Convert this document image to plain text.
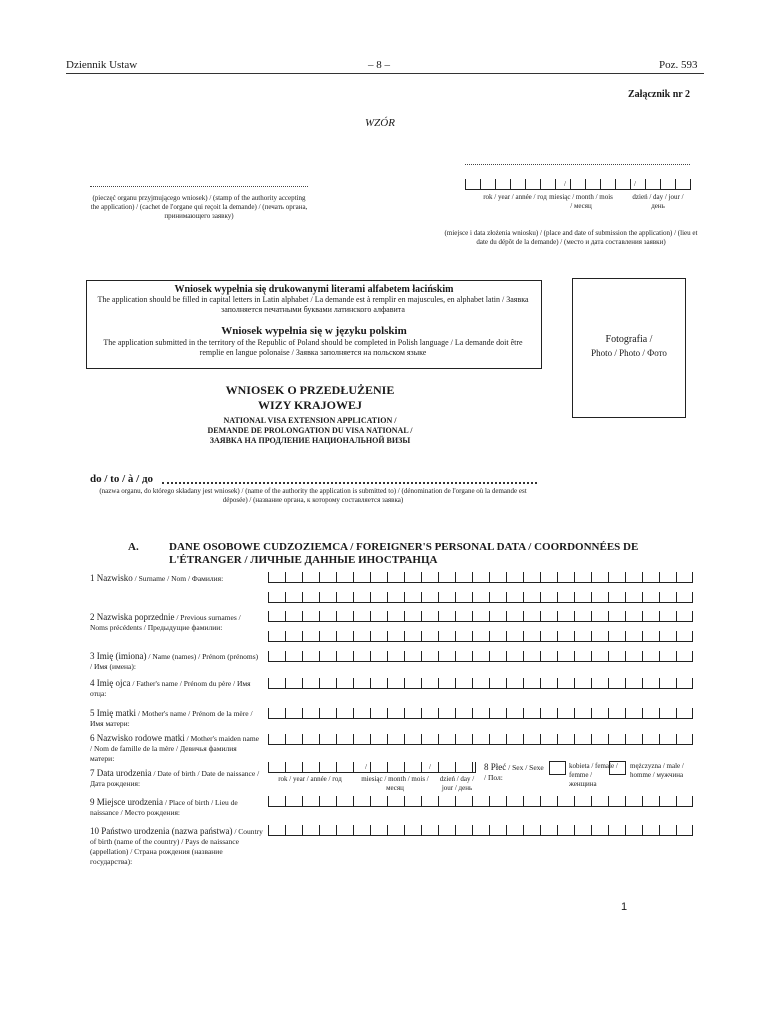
Dziennik Ustaw	– 8 –	Poz. 593
Załącznik nr 2
WZÓR
(pieczęć organu przyjmującego wniosek) / (stamp of the authority accepting the application) / (cachet de l'organe qui reçoit la demande) / (печать органа, принимающего заявку)
/	/
rok / year / année / год miesiąc / month / mois / месяц
dzień / day / jour / день
(miejsce i data złożenia wniosku) / (place and date of submission the application) / (lieu et date du dépôt de la demande) / (место и дата составления заявки)
Wniosek wypełnia się drukowanymi literami alfabetem łacińskim
The application should be filled in capital letters in Latin alphabet / La demande est à remplir en majuscules, en alphabet latin / Заявка заполняется печатными буквами латинского алфавита
Wniosek wypełnia się w języku polskim
The application submitted in the territory of the Republic of Poland should be completed in Polish language / La demande doit être remplie en langue polonaise / Заявка заполняется на польском языке
Fotografia /
Photo / Photo / Фото
WNIOSEK O PRZEDŁUŻENIE
WIZY KRAJOWEJ
NATIONAL VISA EXTENSION APPLICATION /
DEMANDE DE PROLONGATION DU VISA NATIONAL /
ЗАЯВКА НА ПРОДЛЕНИЕ НАЦИОНАЛЬНОЙ ВИЗЫ
do / to / à / до
(nazwa organu, do którego składany jest wniosek) / (name of the authority the application is submitted to) / (dénomination de l'organe où la demande est déposée) / (название органа, к которому составляется заявка)
A.	DANE OSOBOWE CUDZOZIEMCA / FOREIGNER'S PERSONAL DATA / COORDONNÉES DE L'ÉTRANGER / ЛИЧНЫЕ ДАННЫЕ ИНОСТРАНЦА
1 Nazwisko / Surname / Nom / Фамилия:
2 Nazwiska poprzednie / Previous surnames / Noms précédents / Предыдущие фамилии:
3 Imię (imiona) / Name (names) / Prénom (prénoms) / Имя (имена):
4 Imię ojca / Father's name / Prénom du père / Имя отца:
5 Imię matki / Mother's name / Prénom de la mère / Имя матери:
6 Nazwisko rodowe matki / Mother's maiden name / Nom de famille de la mère / Девичья фамилия матери:
7 Data urodzenia / Date of birth / Date de naissance / Дата рождения:
/	/
rok / year / année / год	miesiąc / month / mois / месяц
dzień / day / jour / день
8 Płeć / Sex / Sexe / Пол:
kobieta / female / femme / женщина
mężczyzna / male / homme / мужчина
9 Miejsce urodzenia / Place of birth / Lieu de naissance / Место рождения:
10 Państwo urodzenia (nazwa państwa) / Country of birth (name of the country) / Pays de naissance (appellation) / Страна рождения (название государства):
1
